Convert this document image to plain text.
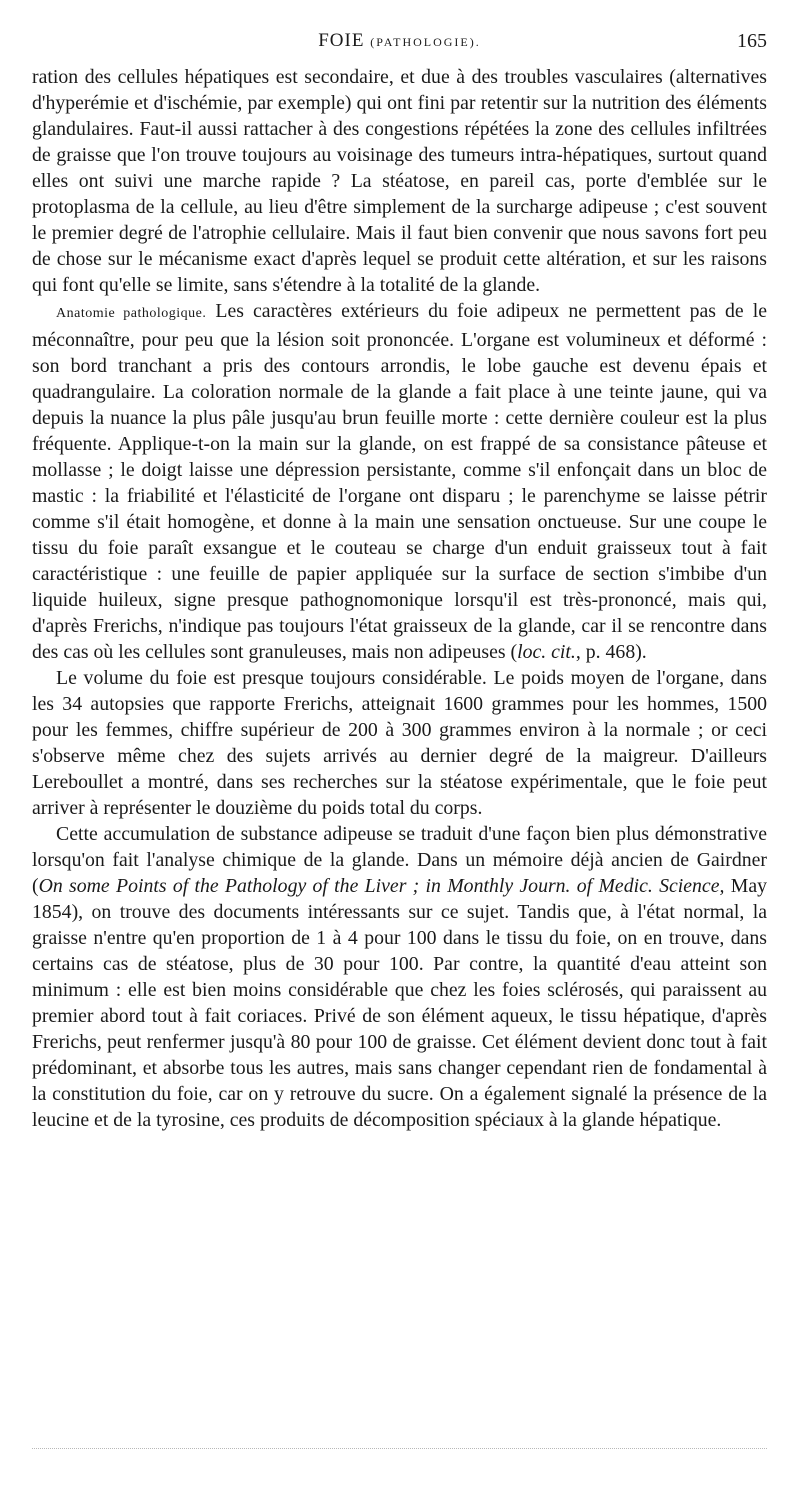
FOIE (PATHOLOGIE).	165

ration des cellules hépatiques est secondaire, et due à des troubles vasculaires (alternatives d'hyperémie et d'ischémie, par exemple) qui ont fini par retentir sur la nutrition des éléments glandulaires. Faut-il aussi rattacher à des congestions répétées la zone des cellules infiltrées de graisse que l'on trouve toujours au voisinage des tumeurs intra-hépatiques, surtout quand elles ont suivi une marche rapide ? La stéatose, en pareil cas, porte d'emblée sur le protoplasma de la cellule, au lieu d'être simplement de la surcharge adipeuse ; c'est souvent le premier degré de l'atrophie cellulaire. Mais il faut bien convenir que nous savons fort peu de chose sur le mécanisme exact d'après lequel se produit cette altération, et sur les raisons qui font qu'elle se limite, sans s'étendre à la totalité de la glande.

Anatomie pathologique. Les caractères extérieurs du foie adipeux ne permettent pas de le méconnaître, pour peu que la lésion soit prononcée. L'organe est volumineux et déformé : son bord tranchant a pris des contours arrondis, le lobe gauche est devenu épais et quadrangulaire. La coloration normale de la glande a fait place à une teinte jaune, qui va depuis la nuance la plus pâle jusqu'au brun feuille morte : cette dernière couleur est la plus fréquente. Applique-t-on la main sur la glande, on est frappé de sa consistance pâteuse et mollasse ; le doigt laisse une dépression persistante, comme s'il enfonçait dans un bloc de mastic : la friabilité et l'élasticité de l'organe ont disparu ; le parenchyme se laisse pétrir comme s'il était homogène, et donne à la main une sensation onctueuse. Sur une coupe le tissu du foie paraît exsangue et le couteau se charge d'un enduit graisseux tout à fait caractéristique : une feuille de papier appliquée sur la surface de section s'imbibe d'un liquide huileux, signe presque pathognomonique lorsqu'il est très-prononcé, mais qui, d'après Frerichs, n'indique pas toujours l'état graisseux de la glande, car il se rencontre dans des cas où les cellules sont granuleuses, mais non adipeuses (loc. cit., p. 468).

Le volume du foie est presque toujours considérable. Le poids moyen de l'organe, dans les 34 autopsies que rapporte Frerichs, atteignait 1600 grammes pour les hommes, 1500 pour les femmes, chiffre supérieur de 200 à 300 grammes environ à la normale ; or ceci s'observe même chez des sujets arrivés au dernier degré de la maigreur. D'ailleurs Lereboullet a montré, dans ses recherches sur la stéatose expérimentale, que le foie peut arriver à représenter le douzième du poids total du corps.

Cette accumulation de substance adipeuse se traduit d'une façon bien plus démonstrative lorsqu'on fait l'analyse chimique de la glande. Dans un mémoire déjà ancien de Gairdner (On some Points of the Pathology of the Liver ; in Monthly Journ. of Medic. Science, May 1854), on trouve des documents intéressants sur ce sujet. Tandis que, à l'état normal, la graisse n'entre qu'en proportion de 1 à 4 pour 100 dans le tissu du foie, on en trouve, dans certains cas de stéatose, plus de 30 pour 100. Par contre, la quantité d'eau atteint son minimum : elle est bien moins considérable que chez les foies sclérosés, qui paraissent au premier abord tout à fait coriaces. Privé de son élément aqueux, le tissu hépatique, d'après Frerichs, peut renfermer jusqu'à 80 pour 100 de graisse. Cet élément devient donc tout à fait prédominant, et absorbe tous les autres, mais sans changer cependant rien de fondamental à la constitution du foie, car on y retrouve du sucre. On a également signalé la présence de la leucine et de la tyrosine, ces produits de décomposition spéciaux à la glande hépatique.
